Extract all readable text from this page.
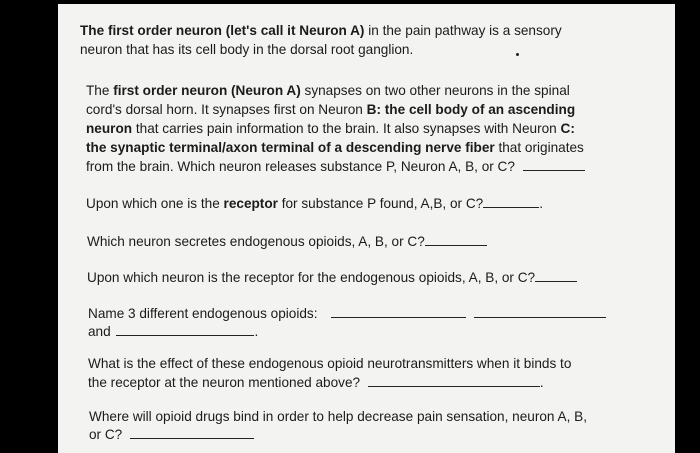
The first order neuron (let's call it Neuron A) in the pain pathway is a sensory

neuron that has its cell body in the dorsal root ganglion.

The first order neuron (Neuron A) synapses on two other neurons in the spinal

cord's dorsal horn. It synapses first on Neuron B: the cell body of an ascending

neuron that carries pain information to the brain. It also synapses with Neuron C:

the synaptic terminal/axon terminal of a descending nerve fiber that originates

from the brain. Which neuron releases substance P, Neuron A, B, or C?

Upon which one is the receptor for substance P found, A,B, or C?	.

Which neuron secretes endogenous opioids, A, B, or C?

Upon which neuron is the receptor for the endogenous opioids, A, B, or C?

Name 3 different endogenous opioids:

and	.

What is the effect of these endogenous opioid neurotransmitters when it binds to

the receptor at the neuron mentioned above?	.

Where will opioid drugs bind in order to help decrease pain sensation, neuron A, B,

or C?
